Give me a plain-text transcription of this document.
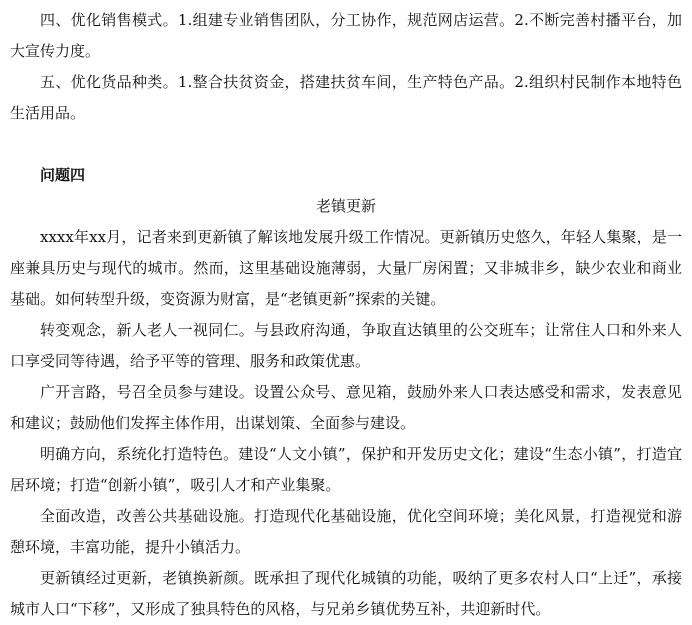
四、优化销售模式。1.组建专业销售团队，分工协作，规范网店运营。2.不断完善村播平台，加大宣传力度。

五、优化货品种类。1.整合扶贫资金，搭建扶贫车间，生产特色产品。2.组织村民制作本地特色生活用品。

问题四
老镇更新

xxxx年xx月，记者来到更新镇了解该地发展升级工作情况。更新镇历史悠久，年轻人集聚，是一座兼具历史与现代的城市。然而，这里基础设施薄弱，大量厂房闲置；又非城非乡，缺少农业和商业基础。如何转型升级，变资源为财富，是“老镇更新”探索的关键。

转变观念，新人老人一视同仁。与县政府沟通，争取直达镇里的公交班车；让常住人口和外来人口享受同等待遇，给予平等的管理、服务和政策优惠。

广开言路，号召全员参与建设。设置公众号、意见箱，鼓励外来人口表达感受和需求，发表意见和建议；鼓励他们发挥主体作用，出谋划策、全面参与建设。

明确方向，系统化打造特色。建设“人文小镇”，保护和开发历史文化；建设“生态小镇”，打造宜居环境；打造“创新小镇”，吸引人才和产业集聚。

全面改造，改善公共基础设施。打造现代化基础设施，优化空间环境；美化风景，打造视觉和游憩环境，丰富功能，提升小镇活力。

更新镇经过更新，老镇换新颜。既承担了现代化城镇的功能，吸纳了更多农村人口“上迁”，承接城市人口“下移”，又形成了独具特色的风格，与兄弟乡镇优势互补，共迎新时代。
